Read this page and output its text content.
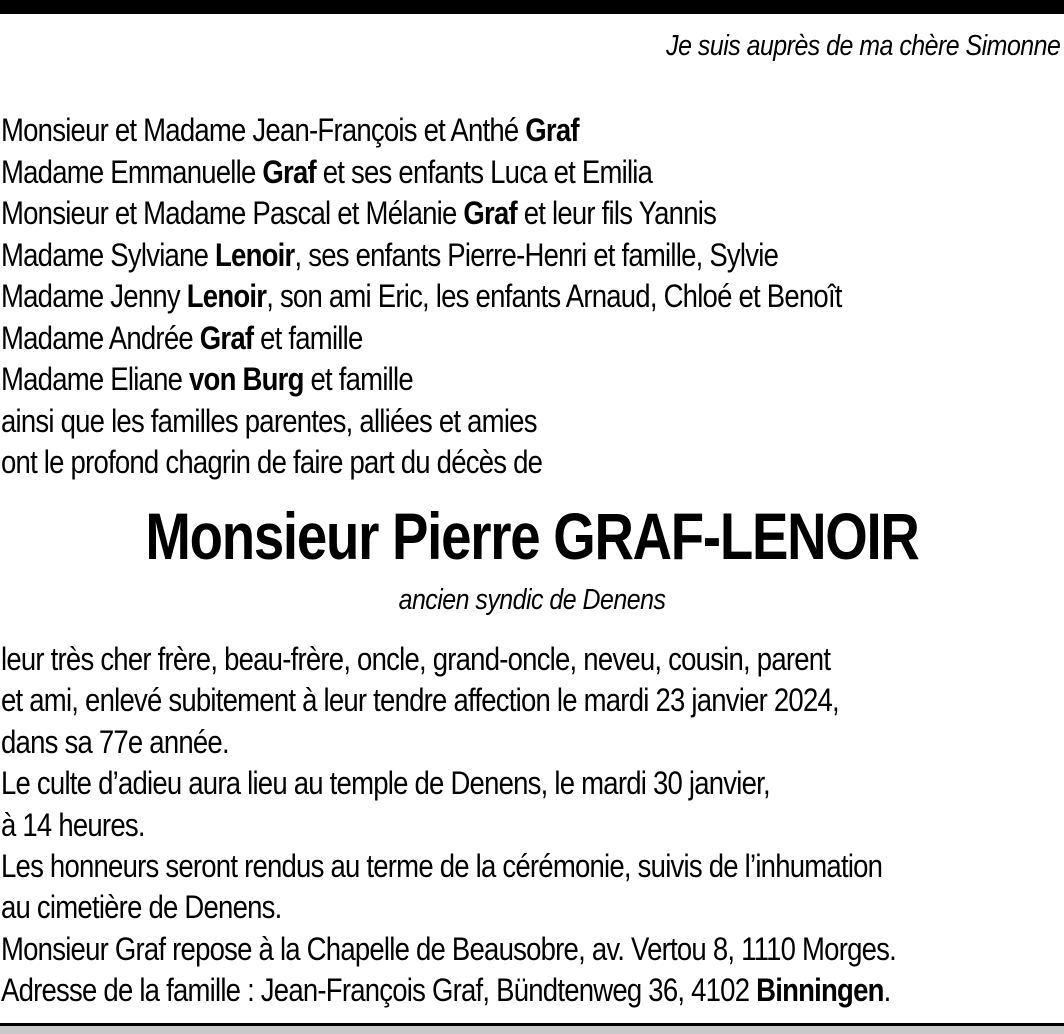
Je suis auprès de ma chère Simonne
Monsieur et Madame Jean-François et Anthé Graf
Madame Emmanuelle Graf et ses enfants Luca et Emilia
Monsieur et Madame Pascal et Mélanie Graf et leur fils Yannis
Madame Sylviane Lenoir, ses enfants Pierre-Henri et famille, Sylvie
Madame Jenny Lenoir, son ami Eric, les enfants Arnaud, Chloé et Benoît
Madame Andrée Graf et famille
Madame Eliane von Burg et famille
ainsi que les familles parentes, alliées et amies
ont le profond chagrin de faire part du décès de
Monsieur Pierre GRAF-LENOIR
ancien syndic de Denens
leur très cher frère, beau-frère, oncle, grand-oncle, neveu, cousin, parent
et ami, enlevé subitement à leur tendre affection le mardi 23 janvier 2024,
dans sa 77e année.
Le culte d’adieu aura lieu au temple de Denens, le mardi 30 janvier,
à 14 heures.
Les honneurs seront rendus au terme de la cérémonie, suivis de l’inhumation
au cimetière de Denens.
Monsieur Graf repose à la Chapelle de Beausobre, av. Vertou 8, 1110 Morges.
Adresse de la famille : Jean-François Graf, Bündtenweg 36, 4102 Binningen.
